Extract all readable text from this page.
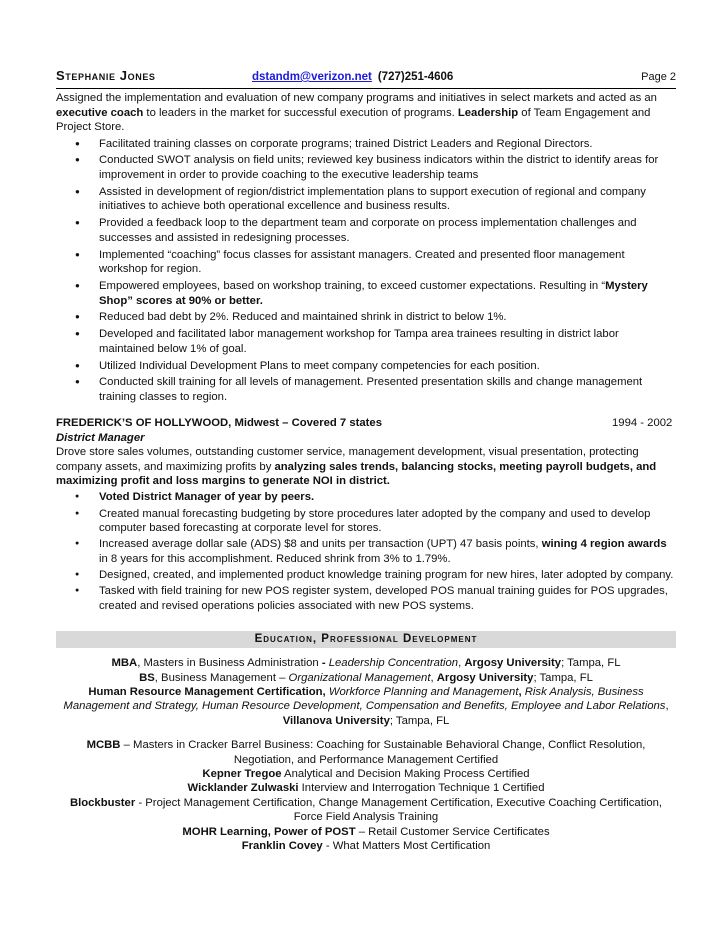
Stephanie Jones	dstandm@verizon.net (727)251-4606	Page 2

Assigned the implementation and evaluation of new company programs and initiatives in select markets and acted as an executive coach to leaders in the market for successful execution of programs. Leadership of Team Engagement and Project Store.

● Facilitated training classes on corporate programs; trained District Leaders and Regional Directors.
● Conducted SWOT analysis on field units; reviewed key business indicators within the district to identify areas for improvement in order to provide coaching to the executive leadership teams
● Assisted in development of region/district implementation plans to support execution of regional and company initiatives to achieve both operational excellence and business results.
● Provided a feedback loop to the department team and corporate on process implementation challenges and successes and assisted in redesigning processes.
● Implemented “coaching” focus classes for assistant managers. Created and presented floor management workshop for region.
● Empowered employees, based on workshop training, to exceed customer expectations. Resulting in “Mystery Shop” scores at 90% or better.
● Reduced bad debt by 2%. Reduced and maintained shrink in district to below 1%.
● Developed and facilitated labor management workshop for Tampa area trainees resulting in district labor maintained below 1% of goal.
● Utilized Individual Development Plans to meet company competencies for each position.
● Conducted skill training for all levels of management. Presented presentation skills and change management training classes to region.
FREDERICK’S OF HOLLYWOOD, Midwest – Covered 7 states	1994 - 2002
District Manager

Drove store sales volumes, outstanding customer service, management development, visual presentation, protecting company assets, and maximizing profits by analyzing sales trends, balancing stocks, meeting payroll budgets, and maximizing profit and loss margins to generate NOI in district.

● Voted District Manager of year by peers.
● Created manual forecasting budgeting by store procedures later adopted by the company and used to develop computer based forecasting at corporate level for stores.
● Increased average dollar sale (ADS) $8 and units per transaction (UPT) 47 basis points, wining 4 region awards in 8 years for this accomplishment. Reduced shrink from 3% to 1.79%.
● Designed, created, and implemented product knowledge training program for new hires, later adopted by company.
● Tasked with field training for new POS register system, developed POS manual training guides for POS upgrades, created and revised operations policies associated with new POS systems.
Education, Professional Development

MBA, Masters in Business Administration - Leadership Concentration, Argosy University; Tampa, FL

BS, Business Management – Organizational Management, Argosy University; Tampa, FL

Human Resource Management Certification, Workforce Planning and Management, Risk Analysis, Business Management and Strategy, Human Resource Development, Compensation and Benefits, Employee and Labor Relations, Villanova University; Tampa, FL

MCBB – Masters in Cracker Barrel Business: Coaching for Sustainable Behavioral Change, Conflict Resolution, Negotiation, and Performance Management Certified

Kepner Tregoe Analytical and Decision Making Process Certified

Wicklander Zulwaski Interview and Interrogation Technique 1 Certified

Blockbuster - Project Management Certification, Change Management Certification, Executive Coaching Certification, Force Field Analysis Training

MOHR Learning, Power of POST – Retail Customer Service Certificates

Franklin Covey - What Matters Most Certification
